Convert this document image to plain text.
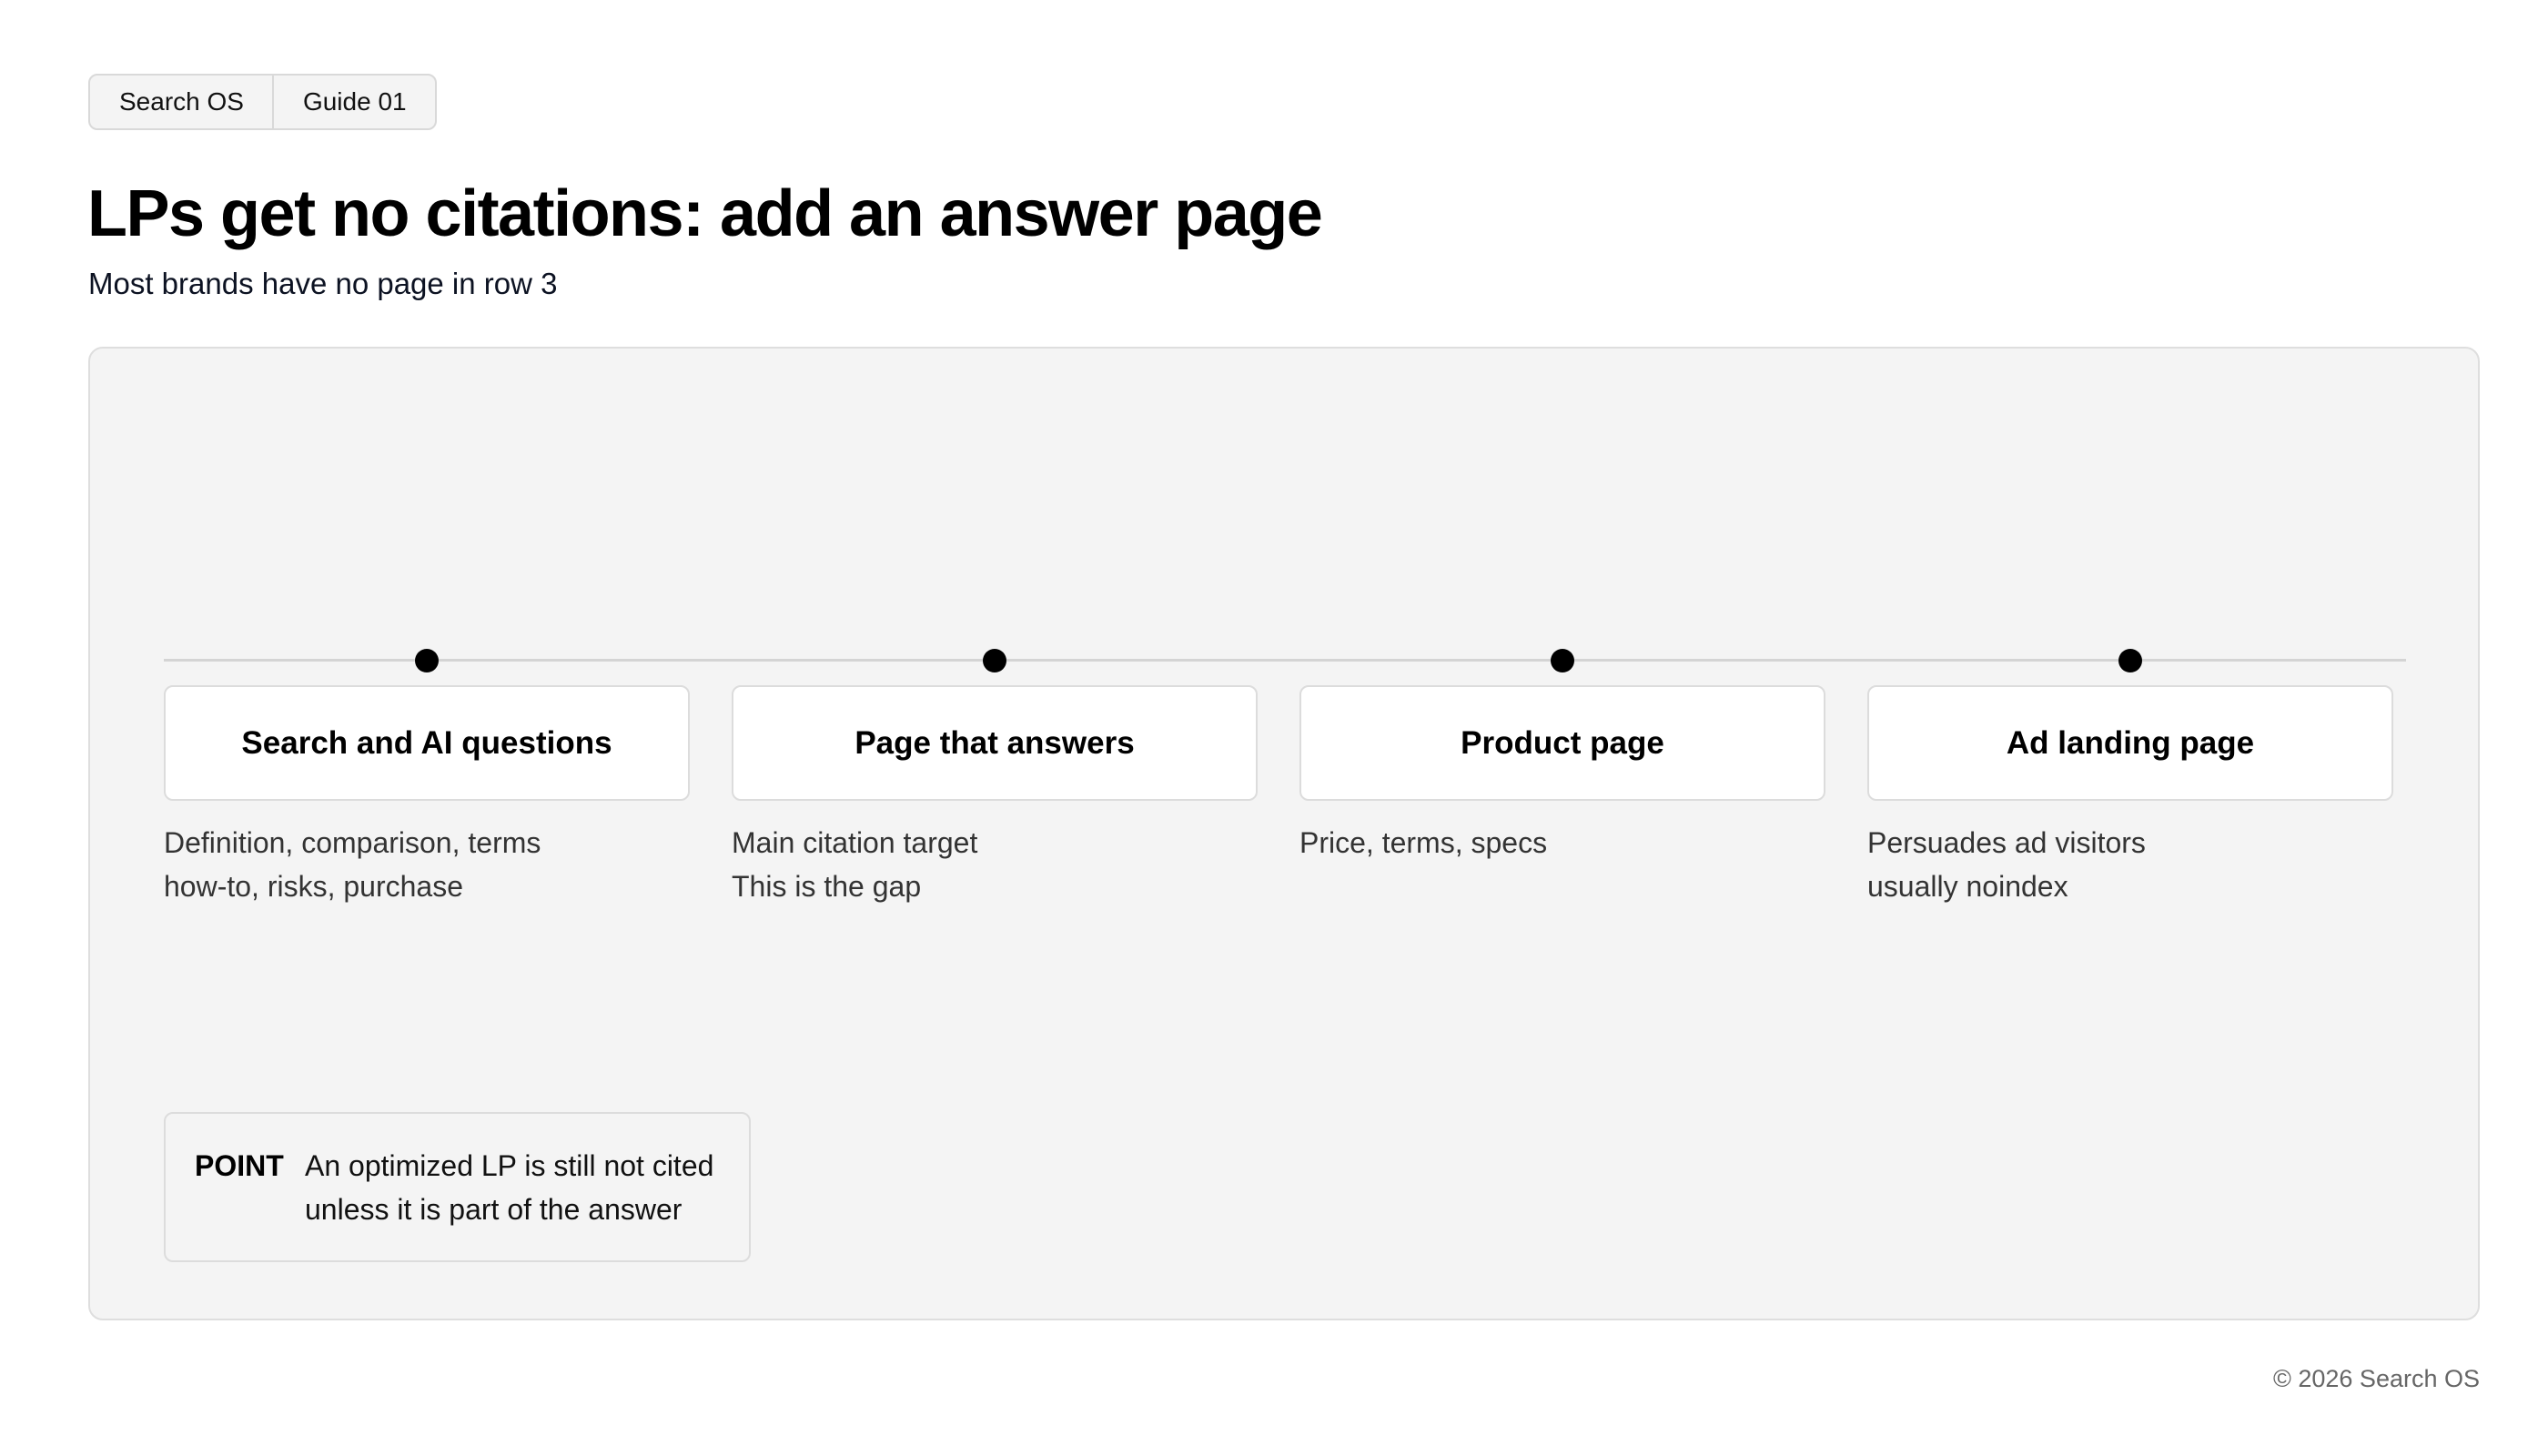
Search OS	Guide 01
LPs get no citations: add an answer page
Most brands have no page in row 3
Search and AI questions	Page that answers	Product page	Ad landing page
Definition, comparison, terms
how-to, risks, purchase
Main citation target
This is the gap
Price, terms, specs	Persuades ad visitors
usually noindex
POINT An optimized LP is still not cited
unless it is part of the answer
© 2026 Search OS
